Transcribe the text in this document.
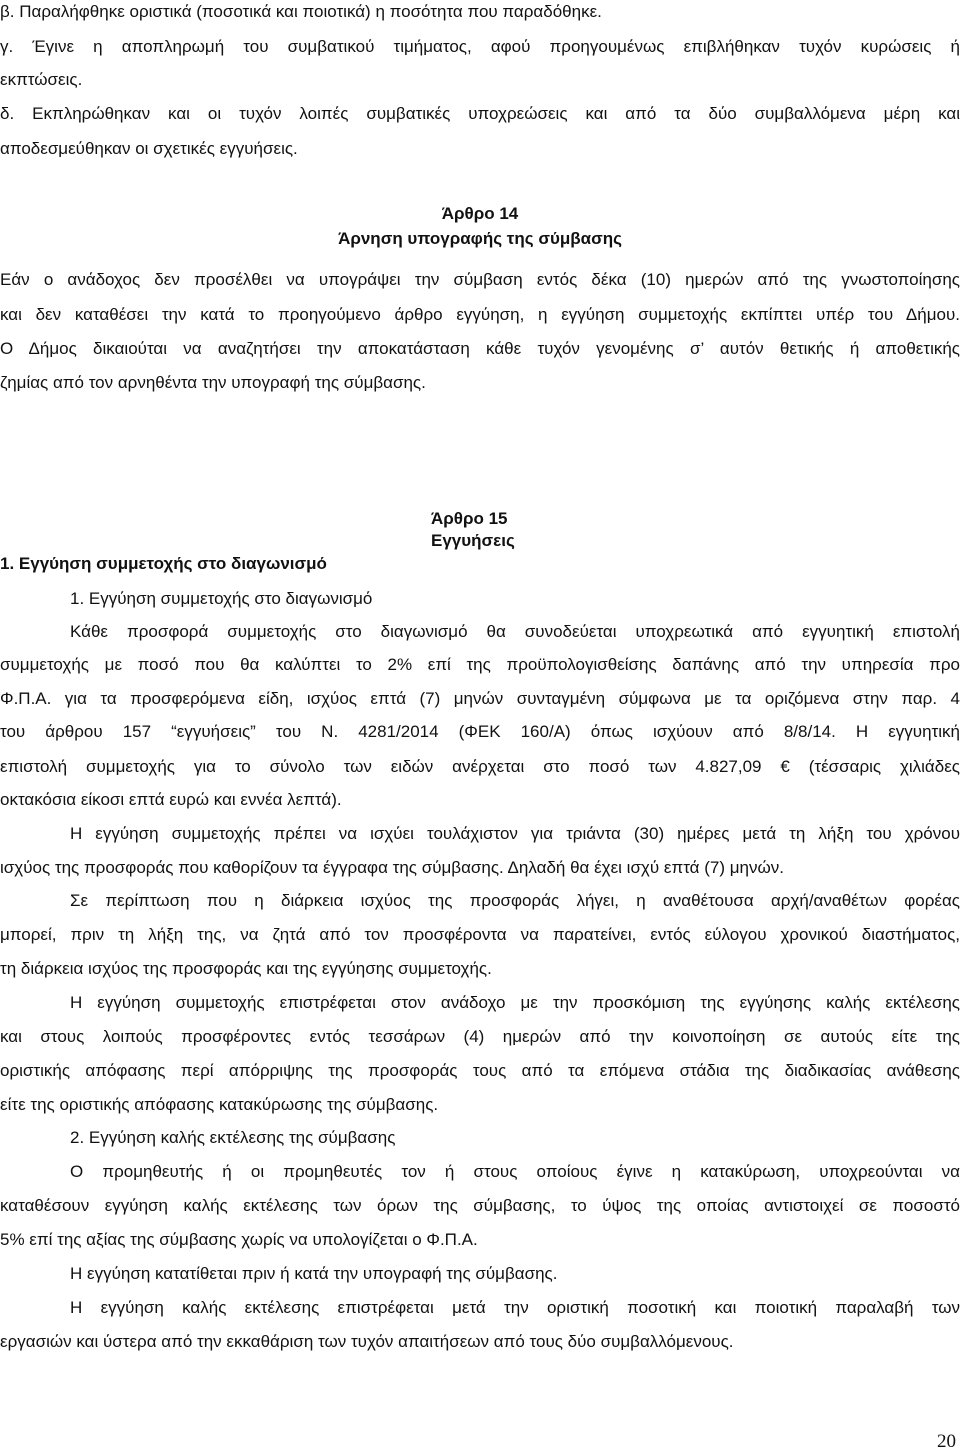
β. Παραλήφθηκε οριστικά (ποσοτικά και ποιοτικά) η ποσότητα που παραδόθηκε.
γ. Έγινε η αποπληρωμή του συμβατικού τιμήματος, αφού προηγουμένως επιβλήθηκαν τυχόν κυρώσεις ή
εκπτώσεις.
δ. Εκπληρώθηκαν και οι τυχόν λοιπές συμβατικές υποχρεώσεις και από τα δύο συμβαλλόμενα μέρη και
αποδεσμεύθηκαν οι σχετικές εγγυήσεις.
Άρθρο 14
Άρνηση υπογραφής της σύμβασης
Εάν ο ανάδοχος δεν προσέλθει να υπογράψει την σύμβαση εντός δέκα (10) ημερών από της γνωστοποίησης
και δεν καταθέσει την κατά το προηγούμενο άρθρο εγγύηση, η εγγύηση συμμετοχής εκπίπτει υπέρ του Δήμου.
Ο Δήμος δικαιούται να αναζητήσει την αποκατάσταση κάθε τυχόν γενομένης σ’ αυτόν θετικής ή αποθετικής
ζημίας από τον αρνηθέντα την υπογραφή της σύμβασης.
Άρθρο 15
Εγγυήσεις
1. Εγγύηση συμμετοχής στο διαγωνισμό
1. Εγγύηση συμμετοχής στο διαγωνισμό
Κάθε προσφορά συμμετοχής στο διαγωνισμό θα συνοδεύεται υποχρεωτικά από εγγυητική επιστολή
συμμετοχής με ποσό που θα καλύπτει το 2% επί της προϋπολογισθείσης δαπάνης από την υπηρεσία προ
Φ.Π.Α. για τα προσφερόμενα είδη, ισχύος επτά (7) μηνών συνταγμένη σύμφωνα με τα οριζόμενα στην παρ. 4
του άρθρου 157 “εγγυήσεις” του Ν. 4281/2014 (ΦΕΚ 160/Α) όπως ισχύουν από 8/8/14. Η εγγυητική
επιστολή συμμετοχής για το σύνολο των ειδών ανέρχεται στο ποσό των 4.827,09 € (τέσσαρις χιλιάδες
οκτακόσια είκοσι επτά ευρώ και εννέα λεπτά).
Η εγγύηση συμμετοχής πρέπει να ισχύει τουλάχιστον για τριάντα (30) ημέρες μετά τη λήξη του χρόνου
ισχύος της προσφοράς που καθορίζουν τα έγγραφα της σύμβασης. Δηλαδή θα έχει ισχύ επτά (7) μηνών.
Σε περίπτωση που η διάρκεια ισχύος της προσφοράς λήγει, η αναθέτουσα αρχή/αναθέτων φορέας
μπορεί, πριν τη λήξη της, να ζητά από τον προσφέροντα να παρατείνει, εντός εύλογου χρονικού διαστήματος,
τη διάρκεια ισχύος της προσφοράς και της εγγύησης συμμετοχής.
Η εγγύηση συμμετοχής επιστρέφεται στον ανάδοχο με την προσκόμιση της εγγύησης καλής εκτέλεσης
και στους λοιπούς προσφέροντες εντός τεσσάρων (4) ημερών από την κοινοποίηση σε αυτούς είτε της
οριστικής απόφασης περί απόρριψης της προσφοράς τους από τα επόμενα στάδια της διαδικασίας ανάθεσης
είτε της οριστικής απόφασης κατακύρωσης της σύμβασης.
2. Εγγύηση καλής εκτέλεσης της σύμβασης
Ο προμηθευτής ή οι προμηθευτές τον ή στους οποίους έγινε η κατακύρωση, υποχρεούνται να
καταθέσουν εγγύηση καλής εκτέλεσης των όρων της σύμβασης, το ύψος της οποίας αντιστοιχεί σε ποσοστό
5% επί της αξίας της σύμβασης χωρίς να υπολογίζεται ο Φ.Π.Α.
Η εγγύηση κατατίθεται πριν ή κατά την υπογραφή της σύμβασης.
Η εγγύηση καλής εκτέλεσης επιστρέφεται μετά την οριστική ποσοτική και ποιοτική παραλαβή των
εργασιών και ύστερα από την εκκαθάριση των τυχόν απαιτήσεων από τους δύο συμβαλλόμενους.
20
